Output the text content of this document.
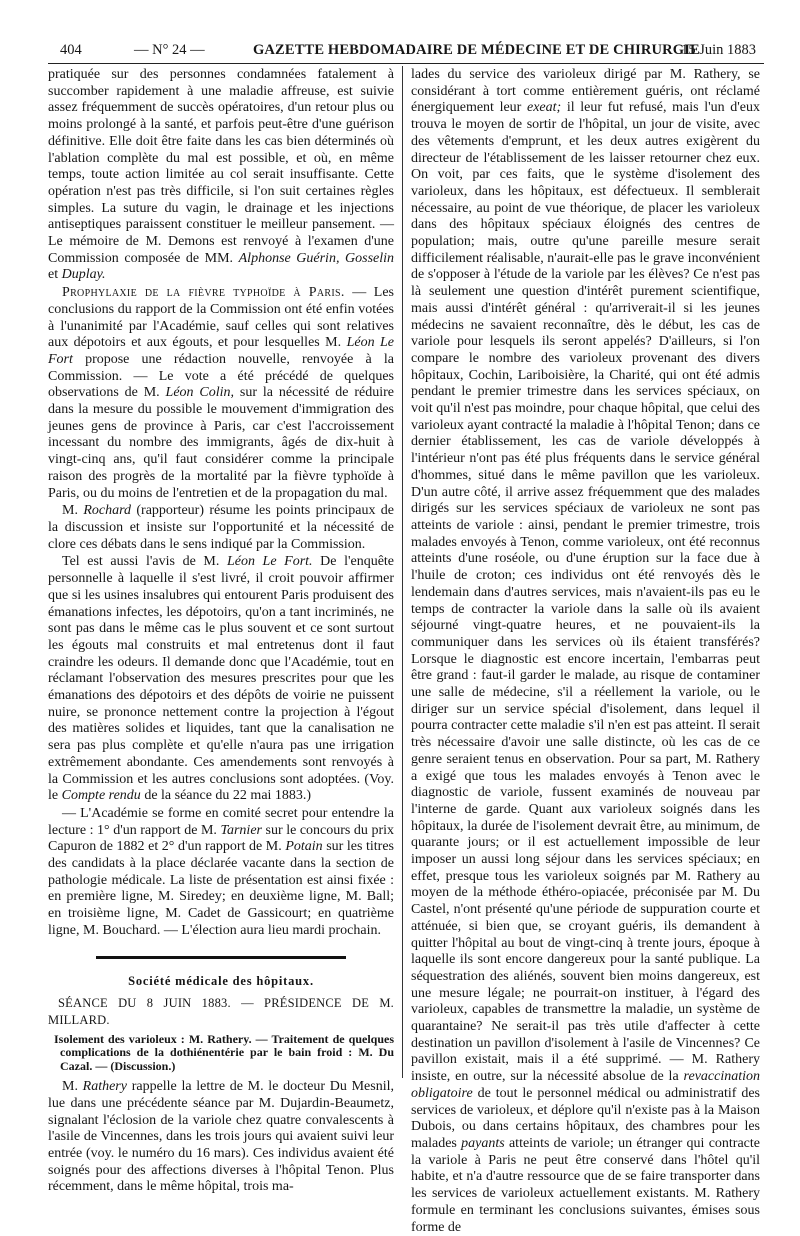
404	— N° 24 —	GAZETTE HEBDOMADAIRE DE MÉDECINE ET DE CHIRURGIE
15 Juin 1883

pratiquée sur des personnes condamnées fatalement à succomber rapidement à une maladie affreuse, est suivie assez fréquemment de succès opératoires, d'un retour plus ou moins prolongé à la santé, et parfois peut-être d'une guérison définitive. Elle doit être faite dans les cas bien déterminés où l'ablation complète du mal est possible, et où, en même temps, toute action limitée au col serait insuffisante. Cette opération n'est pas très difficile, si l'on suit certaines règles simples. La suture du vagin, le drainage et les injections antiseptiques paraissent constituer le meilleur pansement. — Le mémoire de M. Demons est renvoyé à l'examen d'une Commission composée de MM. Alphonse Guérin, Gosselin et Duplay.

Prophylaxie de la fièvre typhoïde à Paris. — Les conclusions du rapport de la Commission ont été enfin votées à l'unanimité par l'Académie, sauf celles qui sont relatives aux dépotoirs et aux égouts, et pour lesquelles M. Léon Le Fort propose une rédaction nouvelle, renvoyée à la Commission. — Le vote a été précédé de quelques observations de M. Léon Colin, sur la nécessité de réduire dans la mesure du possible le mouvement d'immigration des jeunes gens de province à Paris, car c'est l'accroissement incessant du nombre des immigrants, âgés de dix-huit à vingt-cinq ans, qu'il faut considérer comme la principale raison des progrès de la mortalité par la fièvre typhoïde à Paris, ou du moins de l'entretien et de la propagation du mal.

M. Rochard (rapporteur) résume les points principaux de la discussion et insiste sur l'opportunité et la nécessité de clore ces débats dans le sens indiqué par la Commission.

Tel est aussi l'avis de M. Léon Le Fort. De l'enquête personnelle à laquelle il s'est livré, il croit pouvoir affirmer que si les usines insalubres qui entourent Paris produisent des émanations infectes, les dépotoirs, qu'on a tant incriminés, ne sont pas dans le même cas le plus souvent et ce sont surtout les égouts mal construits et mal entretenus dont il faut craindre les odeurs. Il demande donc que l'Académie, tout en réclamant l'observation des mesures prescrites pour que les émanations des dépotoirs et des dépôts de voirie ne puissent nuire, se prononce nettement contre la projection à l'égout des matières solides et liquides, tant que la canalisation ne sera pas plus complète et qu'elle n'aura pas une irrigation extrêmement abondante. Ces amendements sont renvoyés à la Commission et les autres conclusions sont adoptées. (Voy. le Compte rendu de la séance du 22 mai 1883.)

— L'Académie se forme en comité secret pour entendre la lecture : 1° d'un rapport de M. Tarnier sur le concours du prix Capuron de 1882 et 2° d'un rapport de M. Potain sur les titres des candidats à la place déclarée vacante dans la section de pathologie médicale. La liste de présentation est ainsi fixée : en première ligne, M. Siredey; en deuxième ligne, M. Ball; en troisième ligne, M. Cadet de Gassicourt; en quatrième ligne, M. Bouchard. — L'élection aura lieu mardi prochain.

Société médicale des hôpitaux.
SÉANCE DU 8 JUIN 1883. — PRÉSIDENCE DE M. MILLARD.
Isolement des varioleux : M. Rathery. — Traitement de quelques complications de la dothiénentérie par le bain froid : M. Du Cazal. — (Discussion.)

M. Rathery rappelle la lettre de M. le docteur Du Mesnil, lue dans une précédente séance par M. Dujardin-Beaumetz, signalant l'éclosion de la variole chez quatre convalescents à l'asile de Vincennes, dans les trois jours qui avaient suivi leur entrée (voy. le numéro du 16 mars). Ces individus avaient été soignés pour des affections diverses à l'hôpital Tenon. Plus récemment, dans le même hôpital, trois ma-

lades du service des varioleux dirigé par M. Rathery, se considérant à tort comme entièrement guéris, ont réclamé énergiquement leur exeat; il leur fut refusé, mais l'un d'eux trouva le moyen de sortir de l'hôpital, un jour de visite, avec des vêtements d'emprunt, et les deux autres exigèrent du directeur de l'établissement de les laisser retourner chez eux. On voit, par ces faits, que le système d'isolement des varioleux, dans les hôpitaux, est défectueux. Il semblerait nécessaire, au point de vue théorique, de placer les varioleux dans des hôpitaux spéciaux éloignés des centres de population; mais, outre qu'une pareille mesure serait difficilement réalisable, n'aurait-elle pas le grave inconvénient de s'opposer à l'étude de la variole par les élèves? Ce n'est pas là seulement une question d'intérêt purement scientifique, mais aussi d'intérêt général : qu'arriverait-il si les jeunes médecins ne savaient reconnaître, dès le début, les cas de variole pour lesquels ils seront appelés? D'ailleurs, si l'on compare le nombre des varioleux provenant des divers hôpitaux, Cochin, Lariboisière, la Charité, qui ont été admis pendant le premier trimestre dans les services spéciaux, on voit qu'il n'est pas moindre, pour chaque hôpital, que celui des varioleux ayant contracté la maladie à l'hôpital Tenon; dans ce dernier établissement, les cas de variole développés à l'intérieur n'ont pas été plus fréquents dans le service général d'hommes, situé dans le même pavillon que les varioleux. D'un autre côté, il arrive assez fréquemment que des malades dirigés sur les services spéciaux de varioleux ne sont pas atteints de variole : ainsi, pendant le premier trimestre, trois malades envoyés à Tenon, comme varioleux, ont été reconnus atteints d'une roséole, ou d'une éruption sur la face due à l'huile de croton; ces individus ont été renvoyés dès le lendemain dans d'autres services, mais n'avaient-ils pas eu le temps de contracter la variole dans la salle où ils avaient séjourné vingt-quatre heures, et ne pouvaient-ils la communiquer dans les services où ils étaient transférés? Lorsque le diagnostic est encore incertain, l'embarras peut être grand : faut-il garder le malade, au risque de contaminer une salle de médecine, s'il a réellement la variole, ou le diriger sur un service spécial d'isolement, dans lequel il pourra contracter cette maladie s'il n'en est pas atteint. Il serait très nécessaire d'avoir une salle distincte, où les cas de ce genre seraient tenus en observation. Pour sa part, M. Rathery a exigé que tous les malades envoyés à Tenon avec le diagnostic de variole, fussent examinés de nouveau par l'interne de garde. Quant aux varioleux soignés dans les hôpitaux, la durée de l'isolement devrait être, au minimum, de quarante jours; or il est actuellement impossible de leur imposer un aussi long séjour dans les services spéciaux; en effet, presque tous les varioleux soignés par M. Rathery au moyen de la méthode éthéro-opiacée, préconisée par M. Du Castel, n'ont présenté qu'une période de suppuration courte et atténuée, si bien que, se croyant guéris, ils demandent à quitter l'hôpital au bout de vingt-cinq à trente jours, époque à laquelle ils sont encore dangereux pour la santé publique. La séquestration des aliénés, souvent bien moins dangereux, est une mesure légale; ne pourrait-on instituer, à l'égard des varioleux, capables de transmettre la maladie, un système de quarantaine? Ne serait-il pas très utile d'affecter à cette destination un pavillon d'isolement à l'asile de Vincennes? Ce pavillon existait, mais il a été supprimé. — M. Rathery insiste, en outre, sur la nécessité absolue de la revaccination obligatoire de tout le personnel médical ou administratif des services de varioleux, et déplore qu'il n'existe pas à la Maison Dubois, ou dans certains hôpitaux, des chambres pour les malades payants atteints de variole; un étranger qui contracte la variole à Paris ne peut être conservé dans l'hôtel qu'il habite, et n'a d'autre ressource que de se faire transporter dans les services de varioleux actuellement existants. M. Rathery formule en terminant les conclusions suivantes, émises sous forme de
